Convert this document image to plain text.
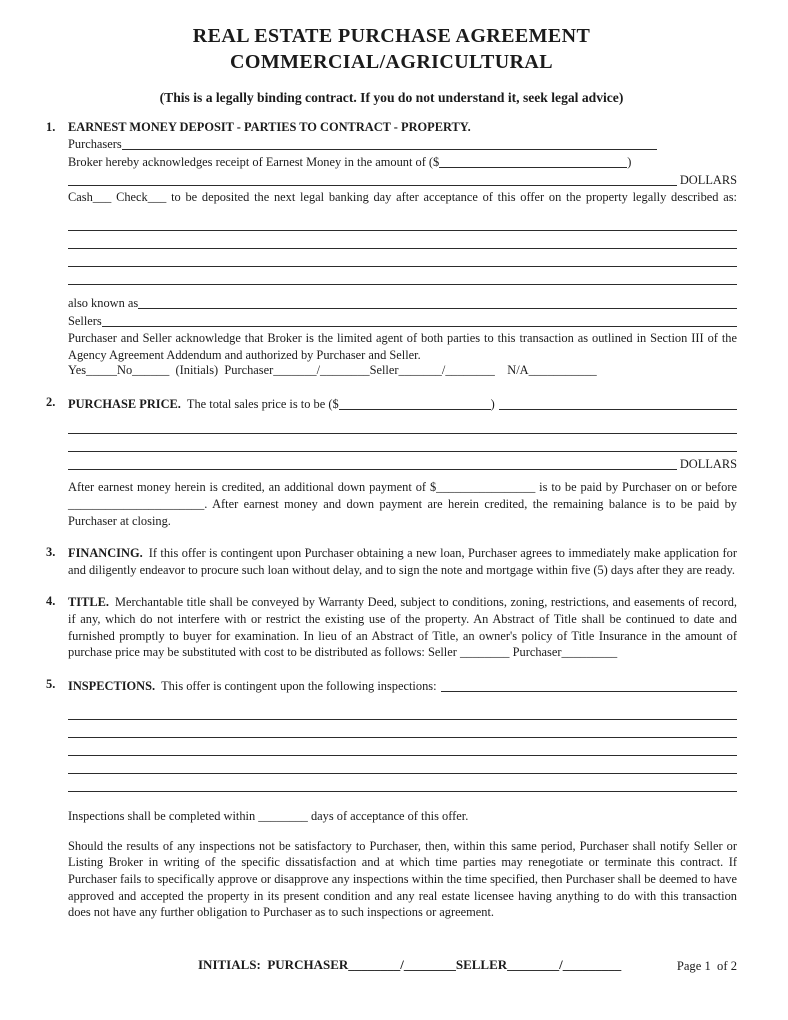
REAL ESTATE PURCHASE AGREEMENT
COMMERCIAL/AGRICULTURAL
(This is a legally binding contract. If you do not understand it, seek legal advice)
1.	EARNEST MONEY DEPOSIT - PARTIES TO CONTRACT - PROPERTY.
Purchasers
Broker hereby acknowledges receipt of Earnest Money in the amount of ($	)
DOLLARS
Cash___ Check___ to be deposited the next legal banking day after acceptance of this offer on the property legally described as:
also known as
Sellers
Purchaser and Seller acknowledge that Broker is the limited agent of both parties to this transaction as outlined in Section III of the Agency Agreement Addendum and authorized by Purchaser and Seller.
Yes_____No______  (Initials)  Purchaser_______/________Seller_______/________    N/A___________
2.	PURCHASE PRICE. The total sales price is to be ($	)
DOLLARS
After earnest money herein is credited, an additional down payment of $________________ is to be paid by Purchaser on or before ______________________. After earnest money and down payment are herein credited, the remaining balance is to be paid by Purchaser at closing.
3.	FINANCING. If this offer is contingent upon Purchaser obtaining a new loan, Purchaser agrees to immediately make application for and diligently endeavor to procure such loan without delay, and to sign the note and mortgage within five (5) days after they are ready.
4.	TITLE. Merchantable title shall be conveyed by Warranty Deed, subject to conditions, zoning, restrictions, and easements of record, if any, which do not interfere with or restrict the existing use of the property. An Abstract of Title shall be continued to date and furnished promptly to buyer for examination. In lieu of an Abstract of Title, an owner's policy of Title Insurance in the amount of purchase price may be substituted with cost to be distributed as follows: Seller ________ Purchaser_________
5.	INSPECTIONS. This offer is contingent upon the following inspections:
Inspections shall be completed within ________ days of acceptance of this offer.
Should the results of any inspections not be satisfactory to Purchaser, then, within this same period, Purchaser shall notify Seller or Listing Broker in writing of the specific dissatisfaction and at which time parties may renegotiate or terminate this contract. If Purchaser fails to specifically approve or disapprove any inspections within the time specified, then Purchaser shall be deemed to have approved and accepted the property in its present condition and any real estate licensee having anything to do with this transaction does not have any further obligation to Purchaser as to such inspections or agreement.
INITIALS:  PURCHASER________/________SELLER________/_________	Page 1  of 2
